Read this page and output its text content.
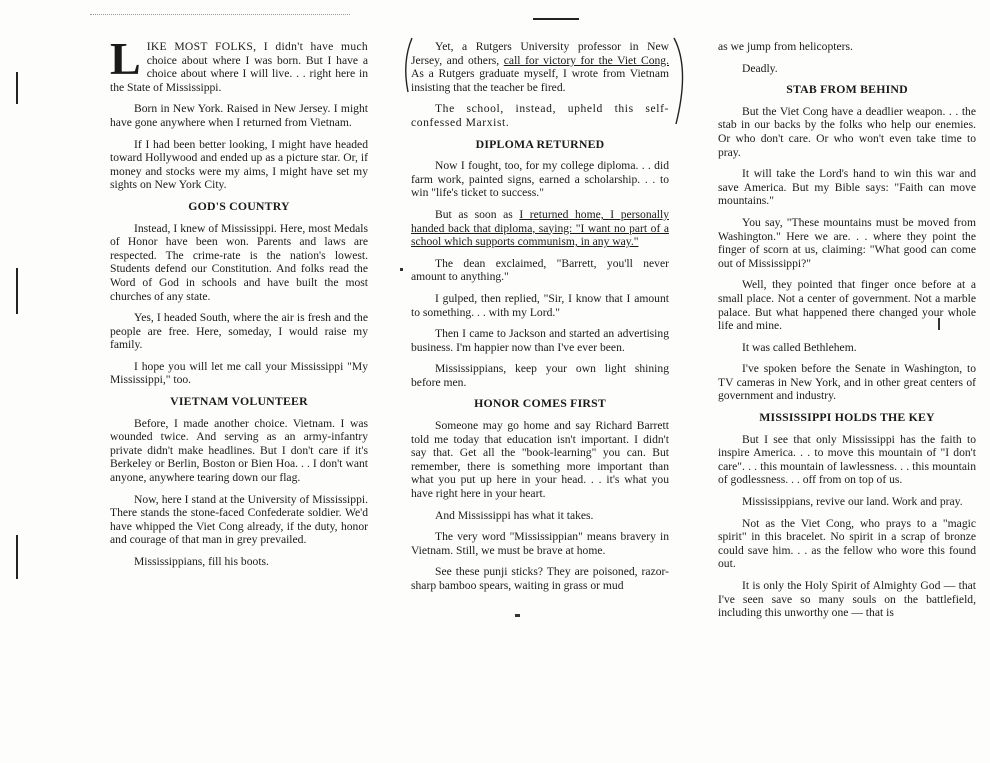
L IKE MOST FOLKS, I didn't have much choice about where I was born. But I have a choice about where I will live. . . right here in the State of Mississippi.

Born in New York. Raised in New Jersey. I might have gone anywhere when I returned from Vietnam.

If I had been better looking, I might have headed toward Hollywood and ended up as a picture star. Or, if money and stocks were my aims, I might have set my sights on New York City.

GOD'S COUNTRY

Instead, I knew of Mississippi. Here, most Medals of Honor have been won. Parents and laws are respected. The crime-rate is the nation's lowest. Students defend our Constitution. And folks read the Word of God in schools and have built the most churches of any state.

Yes, I headed South, where the air is fresh and the people are free. Here, someday, I would raise my family.

I hope you will let me call your Mississippi "My Mississippi," too.

VIETNAM VOLUNTEER

Before, I made another choice. Vietnam. I was wounded twice. And serving as an army-infantry private didn't make headlines. But I don't care if it's Berkeley or Berlin, Boston or Bien Hoa. . . I don't want anyone, anywhere tearing down our flag.

Now, here I stand at the University of Mississippi. There stands the stone-faced Confederate soldier. We'd have whipped the Viet Cong already, if the duty, honor and courage of that man in grey prevailed.

Mississippians, fill his boots.

Yet, a Rutgers University professor in New Jersey, and others, call for victory for the Viet Cong. As a Rutgers graduate myself, I wrote from Vietnam insisting that the teacher be fired.

The school, instead, upheld this self-confessed Marxist.

DIPLOMA RETURNED

Now I fought, too, for my college diploma. . . did farm work, painted signs, earned a scholarship. . . to win "life's ticket to success."

But as soon as I returned home, I personally handed back that diploma, saying: "I want no part of a school which supports communism, in any way."

The dean exclaimed, "Barrett, you'll never amount to anything."

I gulped, then replied, "Sir, I know that I amount to something. . . with my Lord."

Then I came to Jackson and started an advertising business. I'm happier now than I've ever been.

Mississippians, keep your own light shining before men.

HONOR COMES FIRST

Someone may go home and say Richard Barrett told me today that education isn't important. I didn't say that. Get all the "book-learning" you can. But remember, there is something more important than what you put up here in your head. . . it's what you have right here in your heart.

And Mississippi has what it takes.

The very word "Mississippian" means bravery in Vietnam. Still, we must be brave at home.

See these punji sticks? They are poisoned, razor-sharp bamboo spears, waiting in grass or mud

as we jump from helicopters.

Deadly.

STAB FROM BEHIND

But the Viet Cong have a deadlier weapon. . . the stab in our backs by the folks who help our enemies. Or who don't care. Or who won't even take time to pray.

It will take the Lord's hand to win this war and save America. But my Bible says: "Faith can move mountains."

You say, "These mountains must be moved from Washington." Here we are. . . where they point the finger of scorn at us, claiming: "What good can come out of Mississippi?"

Well, they pointed that finger once before at a small place. Not a center of government. Not a marble palace. But what happened there changed your whole life and mine.

It was called Bethlehem.

I've spoken before the Senate in Washington, to TV cameras in New York, and in other great centers of government and industry.

MISSISSIPPI HOLDS THE KEY

But I see that only Mississippi has the faith to inspire America. . . to move this mountain of "I don't care". . . this mountain of lawlessness. . . this mountain of godlessness. . . off from on top of us.

Mississippians, revive our land. Work and pray.

Not as the Viet Cong, who prays to a "magic spirit" in this bracelet. No spirit in a scrap of bronze could save him. . . as the fellow who wore this found out.

It is only the Holy Spirit of Almighty God — that I've seen save so many souls on the battlefield, including this unworthy one — that is
